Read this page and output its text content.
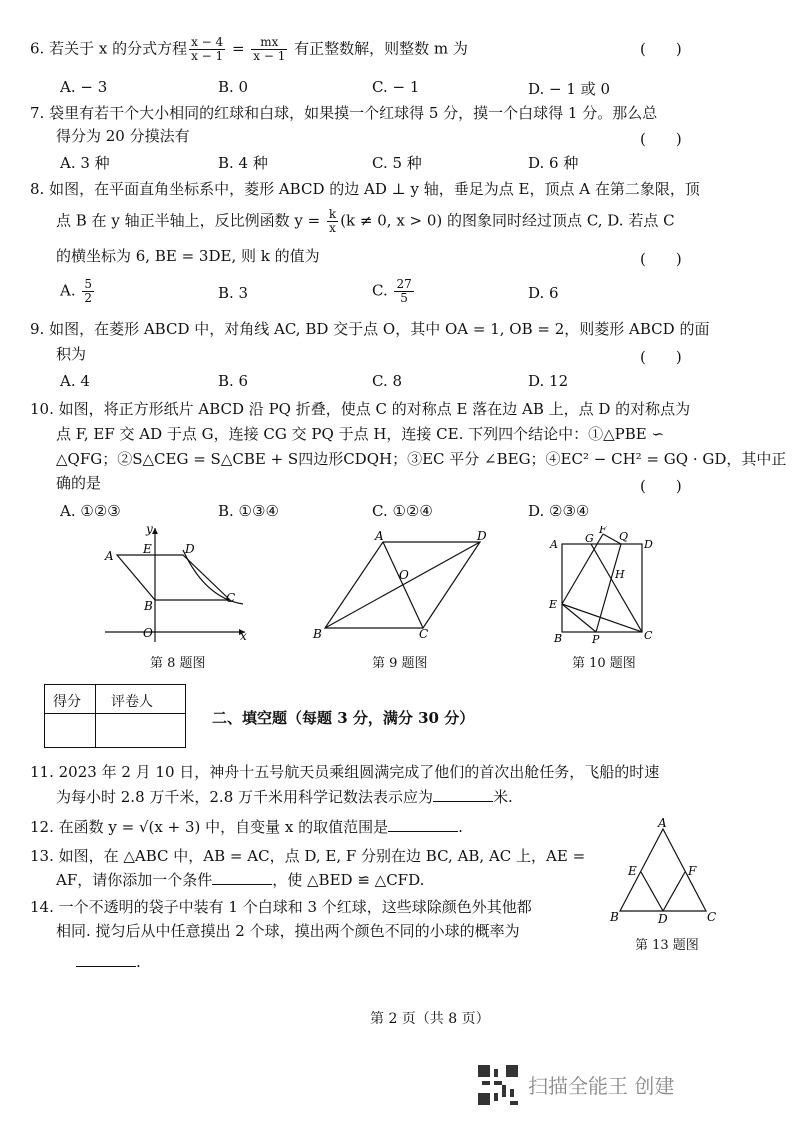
6. 若关于 x 的分式方程 $\frac{x - 4}{x - 1} = \frac{mx}{x - 1}$ 有正整数解，则整数 m 为	(　　)
A. − 3	B. 0	C. − 1	D. − 1 或 0
7. 袋里有若干个大小相同的红球和白球，如果摸一个红球得 5 分，摸一个白球得 1 分。那么总
得分为 20 分摸法有	(　　)
A. 3 种	B. 4 种	C. 5 种	D. 6 种
8. 如图，在平面直角坐标系中，菱形 ABCD 的边 AD ⊥ y 轴，垂足为点 E，顶点 A 在第二象限，顶
点 B 在 y 轴正半轴上，反比例函数 $y = \frac{k}{x} (k \ne 0$, x > 0) 的图象同时经过顶点 C, D. 若点 C
的横坐标为 6, BE = 3DE, 则 k 的值为	(　　)
A. $\frac{5}{2}$	B. 3	C. $\frac{27}{5}$	D. 6
9. 如图，在菱形 ABCD 中，对角线 AC, BD 交于点 O，其中 OA = 1, OB = 2，则菱形 ABCD 的面
积为	(　　)
A. 4	B. 6	C. 8	D. 12
10. 如图，将正方形纸片 ABCD 沿 PQ 折叠，使点 C 的对称点 E 落在边 AB 上，点 D 的对称点为
点 F, EF 交 AD 于点 G，连接 CG 交 PQ 于点 H，连接 CE. 下列四个结论中：①△PBE ∽
△QFG；②S△CEG = S△CBE + S四边形CDQH；③EC 平分 ∠BEG；④EC² − CH² = GQ · GD，其中正
确的是	(　　)
A. ①②③	B. ①③④	C. ①②④	D. ②③④
A E	D
B
C
O
y
x
第 8 题图
A	D
O
B	C
第 9 题图
A G
F
Q
D
H
E
B	P	C
第 10 题图
得分 评卷人
二、填空题（每题 3 分，满分 30 分）
11. 2023 年 2 月 10 日，神舟十五号航天员乘组圆满完成了他们的首次出舱任务，飞船的时速
为每小时 2.8 万千米，2.8 万千米用科学记数法表示应为	米.
12. 在函数 y = √(x + 3) 中，自变量 x 的取值范围是	.
13. 如图，在 △ABC 中，AB = AC，点 D, E, F 分别在边 BC, AB, AC 上，AE =
AF，请你添加一个条件	，使 △BED ≌ △CFD.
A
E	F
B	D	C
第 13 题图
14. 一个不透明的袋子中装有 1 个白球和 3 个红球，这些球除颜色外其他都
相同. 搅匀后从中任意摸出 2 个球，摸出两个颜色不同的小球的概率为
.
第 2 页（共 8 页）
扫描全能王 创建
